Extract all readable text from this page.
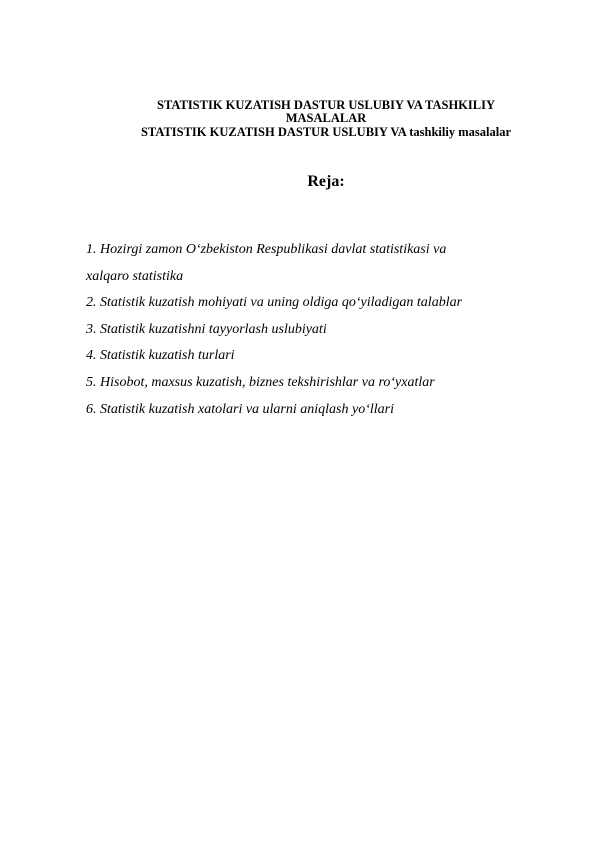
STATISTIK KUZATISH DASTUR USLUBIY VA TASHKILIY
MASALALAR
STATISTIK KUZATISH DASTUR USLUBIY VA tashkiliy masalalar
Reja:
1. Hozirgi zamon O‘zbekiston Respublikasi davlat statistikasi va
xalqaro statistika
2. Statistik kuzatish mohiyati va uning oldiga qo‘yiladigan talablar
3. Statistik kuzatishni tayyorlash uslubiyati
4. Statistik kuzatish turlari
5. Hisobot, maxsus kuzatish, biznes tekshirishlar va ro‘yxatlar
6. Statistik kuzatish xatolari va ularni aniqlash yo‘llari
